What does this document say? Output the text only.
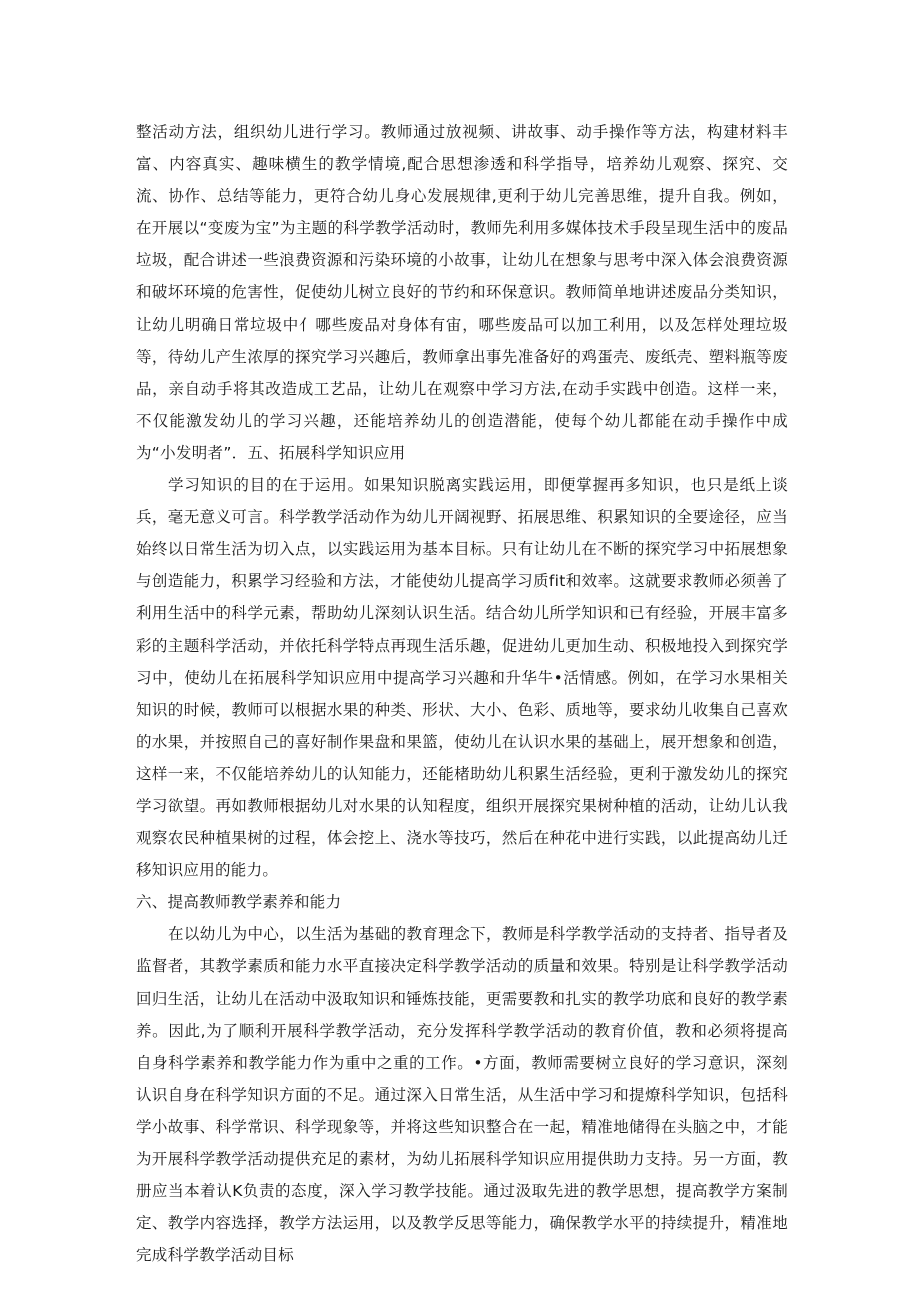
整活动方法，组织幼儿进行学习。教师通过放视频、讲故事、动手操作等方法，构建材料丰富、内容真实、趣味横生的教学情境,配合思想渗透和科学指导，培养幼儿观察、探究、交流、协作、总结等能力，更符合幼儿身心发展规律,更利于幼儿完善思维，提升自我。例如，在开展以“变废为宝”为主题的科学教学活动时，教师先利用多媒体技术手段呈现生活中的废品垃圾，配合讲述一些浪费资源和污染环境的小故事，让幼儿在想象与思考中深入体会浪费资源和破坏环境的危害性，促使幼儿树立良好的节约和环保意识。教师简单地讲述废品分类知识，让幼儿明确日常垃圾中亻哪些废品对身体有宙，哪些废品可以加工利用，以及怎样处理垃圾等，待幼儿产生浓厚的探究学习兴趣后，教师拿出事先准备好的鸡蛋壳、废纸壳、塑料瓶等废品，亲自动手将其改造成工艺品，让幼儿在观察中学习方法,在动手实践中创造。这样一来，不仅能激发幼儿的学习兴趣，还能培养幼儿的创造潜能，使每个幼儿都能在动手操作中成为“小发明者”．五、拓展科学知识应用

学习知识的目的在于运用。如果知识脱离实践运用，即便掌握再多知识，也只是纸上谈兵，毫无意义可言。科学教学活动作为幼儿开阔视野、拓展思维、积累知识的全要途径，应当始终以日常生活为切入点，以实践运用为基本目标。只有让幼儿在不断的探究学习中拓展想象与创造能力，积累学习经验和方法，才能使幼儿提高学习质fit和效率。这就要求教师必须善了利用生活中的科学元素，帮助幼儿深刻认识生活。结合幼儿所学知识和已有经验，开展丰富多彩的主题科学活动，并依托科学特点再现生活乐趣，促进幼儿更加生动、积极地投入到探究学习中，使幼儿在拓展科学知识应用中提高学习兴趣和升华牛•活情感。例如，在学习水果相关知识的时候，教师可以根据水果的种类、形状、大小、色彩、质地等，要求幼儿收集自己喜欢的水果，并按照自己的喜好制作果盘和果篮，使幼儿在认识水果的基础上，展开想象和创造，这样一来，不仅能培养幼儿的认知能力，还能楮助幼儿积累生活经验，更利于激发幼儿的探究学习欲望。再如教师根据幼儿对水果的认知程度，组织开展探究果树种植的活动，让幼儿认我观察农民种植果树的过程，体会挖上、浇水等技巧，然后在种花中进行实践，以此提高幼儿迁移知识应用的能力。

六、提高教师教学素养和能力

在以幼儿为中心，以生活为基础的教育理念下，教师是科学教学活动的支持者、指导者及监督者，其教学素质和能力水平直接决定科学教学活动的质量和效果。特别是让科学教学活动回归生活，让幼儿在活动中汲取知识和锤炼技能，更需要教和扎实的教学功底和良好的教学素养。因此,为了顺利开展科学教学活动，充分发挥科学教学活动的教育价值，教和必须将提高自身科学素养和教学能力作为重中之重的工作。•方面，教师需要树立良好的学习意识，深刻认识自身在科学知识方面的不足。通过深入日常生活，从生活中学习和提燎科学知识，包括科学小故事、科学常识、科学现象等，并将这些知识整合在一起，精准地储得在头脑之中，才能为开展科学教学活动提供充足的素材，为幼儿拓展科学知识应用提供助力支持。另一方面，教册应当本着认K负责的态度，深入学习教学技能。通过汲取先进的教学思想，提高教学方案制定、教学内容选择，教学方法运用，以及教学反思等能力，确保教学水平的持续提升，精准地完成科学教学活动目标
